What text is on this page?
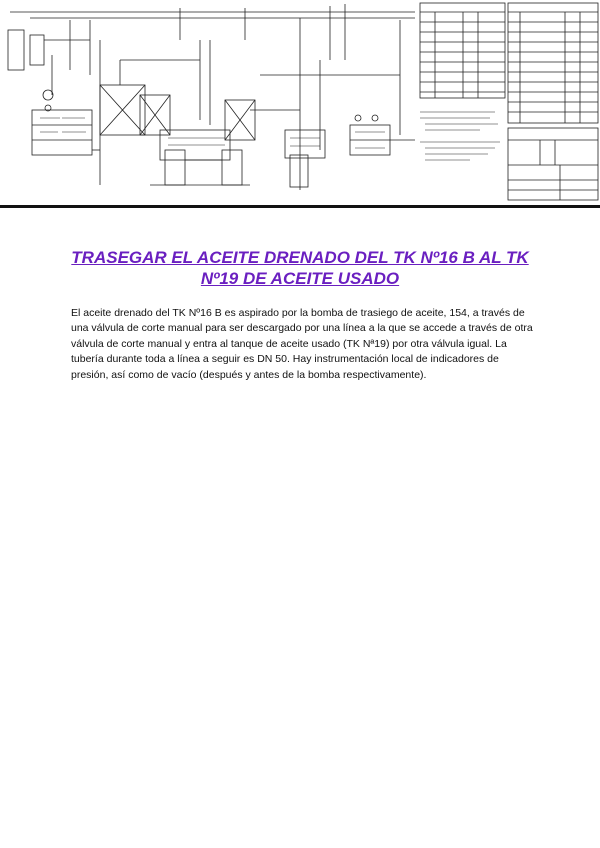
TRASEGAR EL ACEITE DRENADO DEL TK Nº16 B AL TK Nº19 DE ACEITE USADO

El aceite drenado del TK Nº16 B es aspirado por la bomba de trasiego de aceite, 154, a través de una válvula de corte manual para ser descargado por una línea a la que se accede a través de otra válvula de corte manual y entra al tanque de aceite usado (TK Nª19) por otra válvula igual. La tubería durante toda a línea a seguir es DN 50. Hay instrumentación local de indicadores de presión, así como de vacío (después y antes de la bomba respectivamente).
